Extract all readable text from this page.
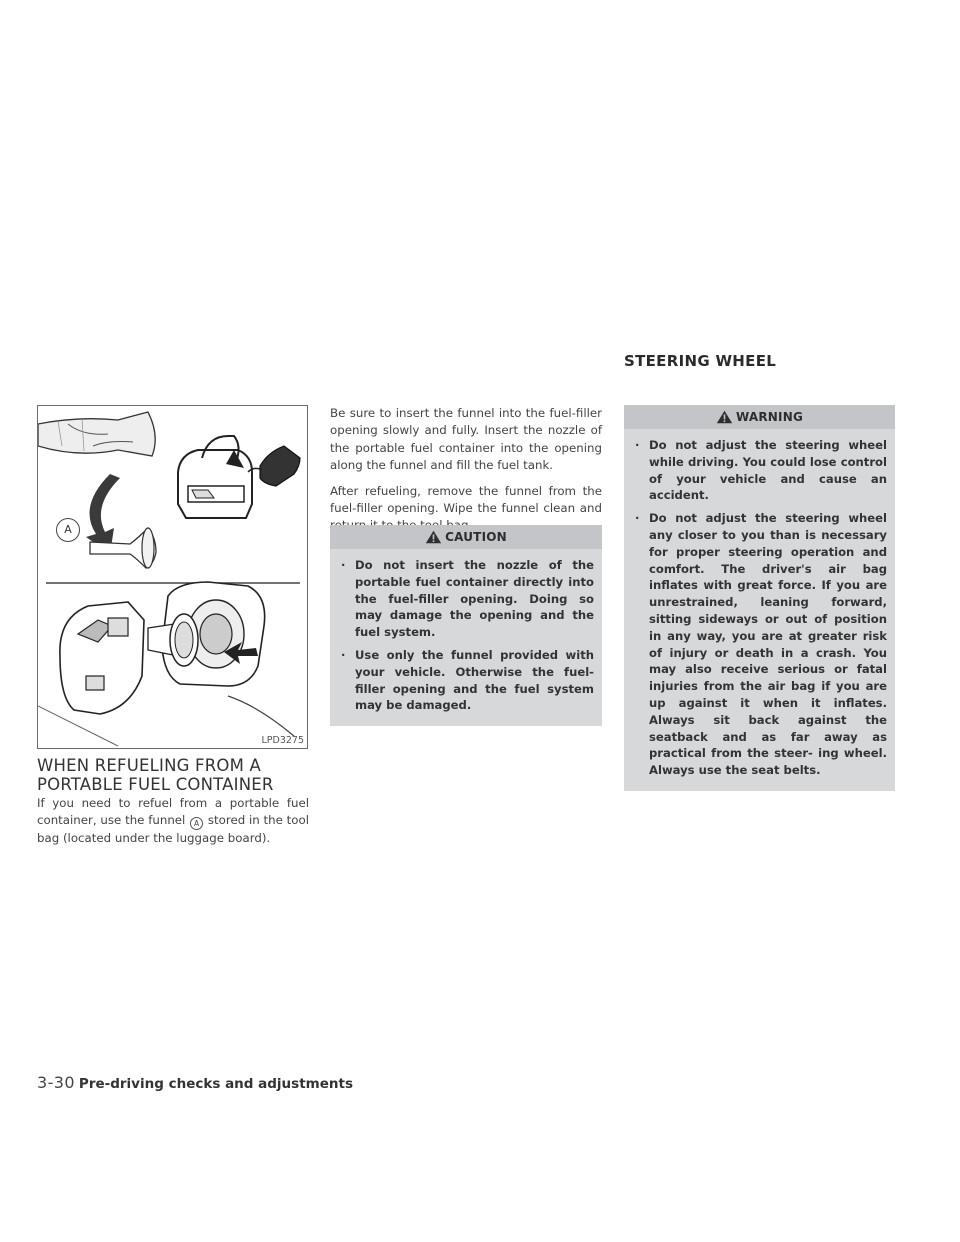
STEERING WHEEL
A
LPD3275
WHEN REFUELING FROM A
PORTABLE FUEL CONTAINER

If you need to refuel from a portable fuel container, use the funnel A stored in the tool bag (located under the luggage board).

Be sure to insert the funnel into the fuel-filler opening slowly and fully. Insert the nozzle of the portable fuel container into the opening along the funnel and fill the fuel tank.

After refueling, remove the funnel from the fuel-filler opening. Wipe the funnel clean and

CAUTION
· Do not insert the nozzle of the portable fuel container directly into the fuel-filler opening. Doing so may damage the opening and the fuel system.
· Use only the funnel provided with your vehicle. Otherwise the fuel-filler opening and the fuel system may be damaged.
WARNING
· Do not adjust the steering wheel while driving. You could lose control of your vehicle and cause an accident.
· Do not adjust the steering wheel any closer to you than is necessary for proper steering operation and comfort. The driver's air bag inflates with great force. If you are unrestrained, leaning forward, sitting sideways or out of position in any way, you are at greater risk of injury or death in a crash. You may also receive serious or fatal injuries from the air bag if you are up against it when it inflates. Always sit back against the seatback and as far away as practical from the steer- ing wheel. Always use the seat belts.
3-30 Pre-driving checks and adjustments
